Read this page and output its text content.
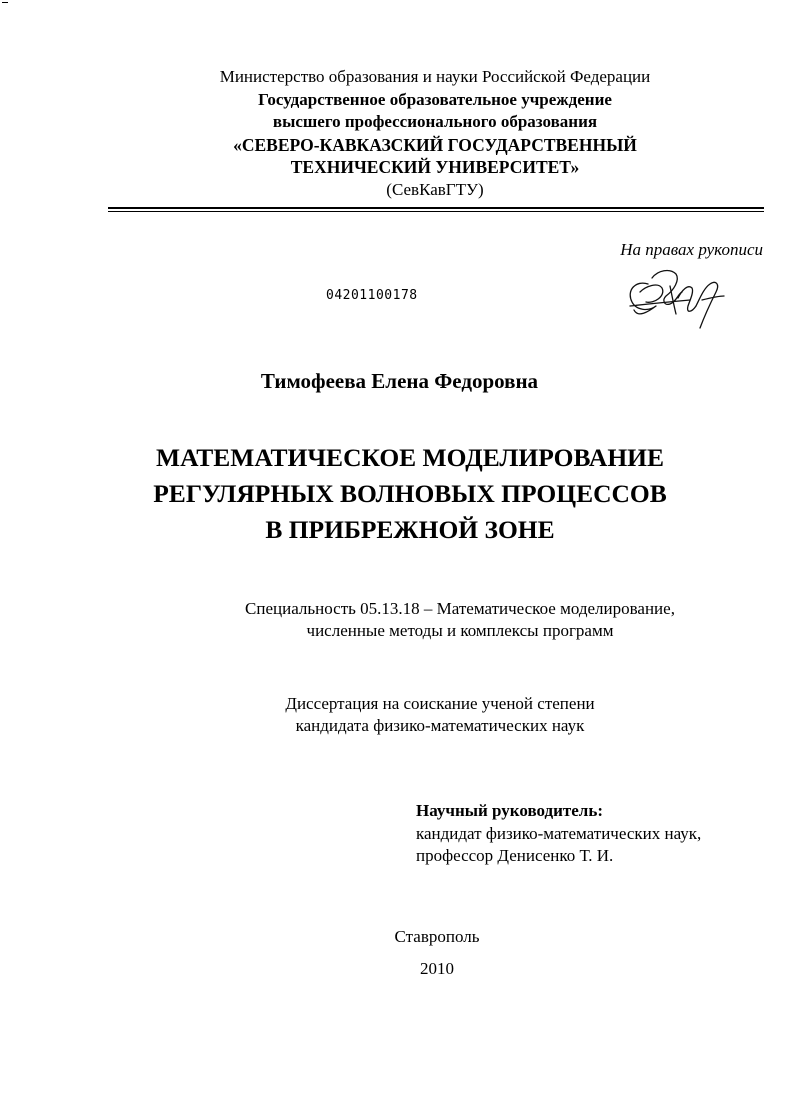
Министерство образования и науки Российской Федерации
Государственное образовательное учреждение
высшего профессионального образования
«СЕВЕРО-КАВКАЗСКИЙ ГОСУДАРСТВЕННЫЙ
ТЕХНИЧЕСКИЙ УНИВЕРСИТЕТ»
(СевКавГТУ)
На правах рукописи
04201100178
Тимофеева Елена Федоровна
МАТЕМАТИЧЕСКОЕ МОДЕЛИРОВАНИЕ
РЕГУЛЯРНЫХ ВОЛНОВЫХ ПРОЦЕССОВ
В ПРИБРЕЖНОЙ ЗОНЕ
Специальность 05.13.18 – Математическое моделирование,
численные методы и комплексы программ
Диссертация на соискание ученой степени
кандидата физико-математических наук
Научный руководитель:
кандидат физико-математических наук,
профессор Денисенко Т. И.
Ставрополь
2010
